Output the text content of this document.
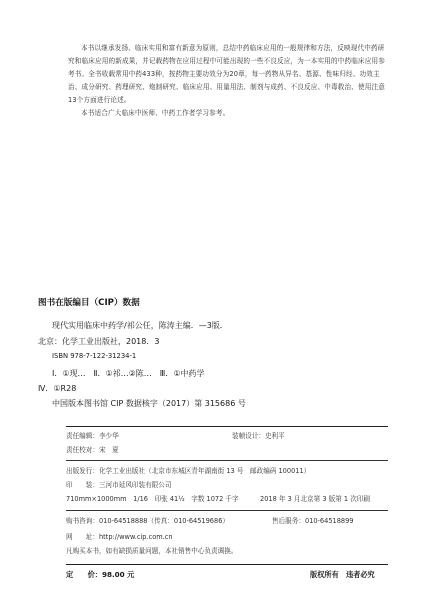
本书以继承发扬、临床实用和富有新意为原则，总结中药临床应用的一般规律和方法，反映现代中药研究和临床应用的新成果，并记载药物在应用过程中可能出现的一些不良反应，为一本实用的中药临床应用参考书。全书收载常用中药433种，按药物主要功效分为20章，每一药物从异名、基源、性味归经、功效主治、成分研究、药理研究、炮制研究、临床应用、用量用法、制剂与成药、不良反应、中毒救治、使用注意13个方面进行论述。

本书适合广大临床中医师、中药工作者学习参考。

图书在版编目（CIP）数据
现代实用临床中药学/祁公任，陈涛主编．—3版．
北京：化学工业出版社，2018．3
ISBN 978-7-122-31234-1
Ⅰ．①现…　Ⅱ．①祁…②陈…　Ⅲ．①中药学
Ⅳ．①R28
中国版本图书馆 CIP 数据核字（2017）第 315686 号
责任编辑：李少华	装帧设计：史利平
责任校对：宋　夏
出版发行：化学工业出版社（北京市东城区青年湖南街 13 号　邮政编码 100011）
印　　装：三河市延风印装有限公司
710mm×1000mm　1/16　印张 41½　字数 1072 千字	2018 年 3 月北京第 3 版第 1 次印刷
购书咨询：010-64518888（传真：010-64519686）	售后服务：010-64518899
网　　址：http://www.cip.com.cn
凡购买本书，如有缺损质量问题，本社销售中心负责调换。
定　　价：98.00 元	版权所有　违者必究
